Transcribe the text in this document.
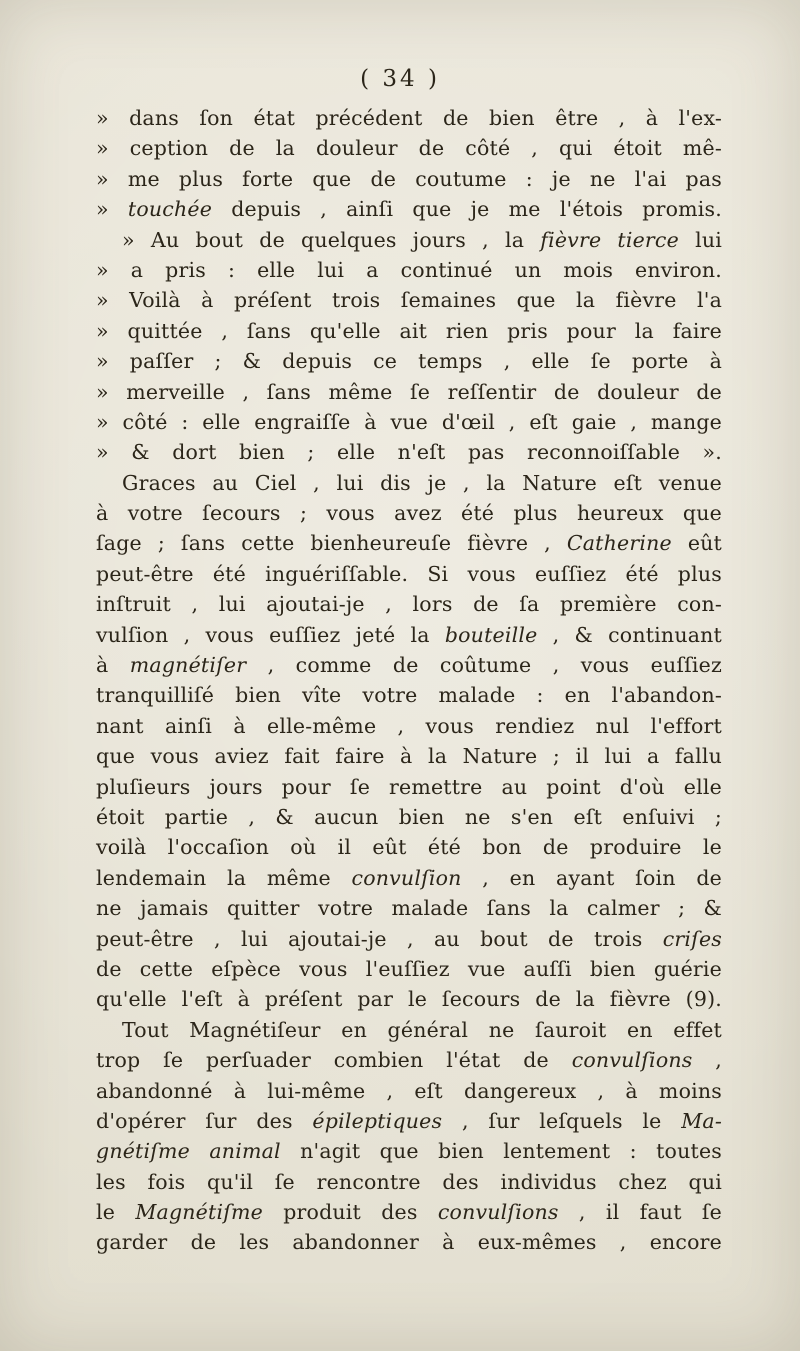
( 34 )
» dans ſon état précédent de bien être , à l'ex-
» ception de la douleur de côté , qui étoit mê-
» me plus forte que de coutume : je ne l'ai pas
» touchée depuis , ainſi que je me l'étois promis.
» Au bout de quelques jours , la fièvre tierce lui
» a pris : elle lui a continué un mois environ.
» Voilà à préſent trois ſemaines que la fièvre l'a
» quittée , ſans qu'elle ait rien pris pour la faire
» paſſer ; & depuis ce temps , elle ſe porte à
» merveille , ſans même ſe reſſentir de douleur de
» côté : elle engraiſſe à vue d'œil , eſt gaie , mange
» & dort bien ; elle n'eſt pas reconnoiſſable ».
Graces au Ciel , lui dis je , la Nature eſt venue
à votre ſecours ; vous avez été plus heureux que
ſage ; ſans cette bienheureuſe fièvre , Catherine eût
peut-être été inguériſſable. Si vous euſſiez été plus
inſtruit , lui ajoutai-je , lors de ſa première con-
vulſion , vous euſſiez jeté la bouteille , & continuant
à magnétiſer , comme de coûtume , vous euſſiez
tranquilliſé bien vîte votre malade : en l'abandon-
nant ainſi à elle-même , vous rendiez nul l'effort
que vous aviez fait faire à la Nature ; il lui a fallu
pluſieurs jours pour ſe remettre au point d'où elle
étoit partie , & aucun bien ne s'en eſt enſuivi ;
voilà l'occaſion où il eût été bon de produire le
lendemain la même convulſion , en ayant ſoin de
ne jamais quitter votre malade ſans la calmer ; &
peut-être , lui ajoutai-je , au bout de trois criſes
de cette eſpèce vous l'euſſiez vue auſſi bien guérie
qu'elle l'eſt à préſent par le ſecours de la fièvre (9).
Tout Magnétiſeur en général ne ſauroit en effet
trop ſe perſuader combien l'état de convulſions ,
abandonné à lui-même , eſt dangereux , à moins
d'opérer ſur des épileptiques , ſur leſquels le Ma-
gnétiſme animal n'agit que bien lentement : toutes
les fois qu'il ſe rencontre des individus chez qui
le Magnétiſme produit des convulſions , il faut ſe
garder de les abandonner à eux-mêmes , encore
